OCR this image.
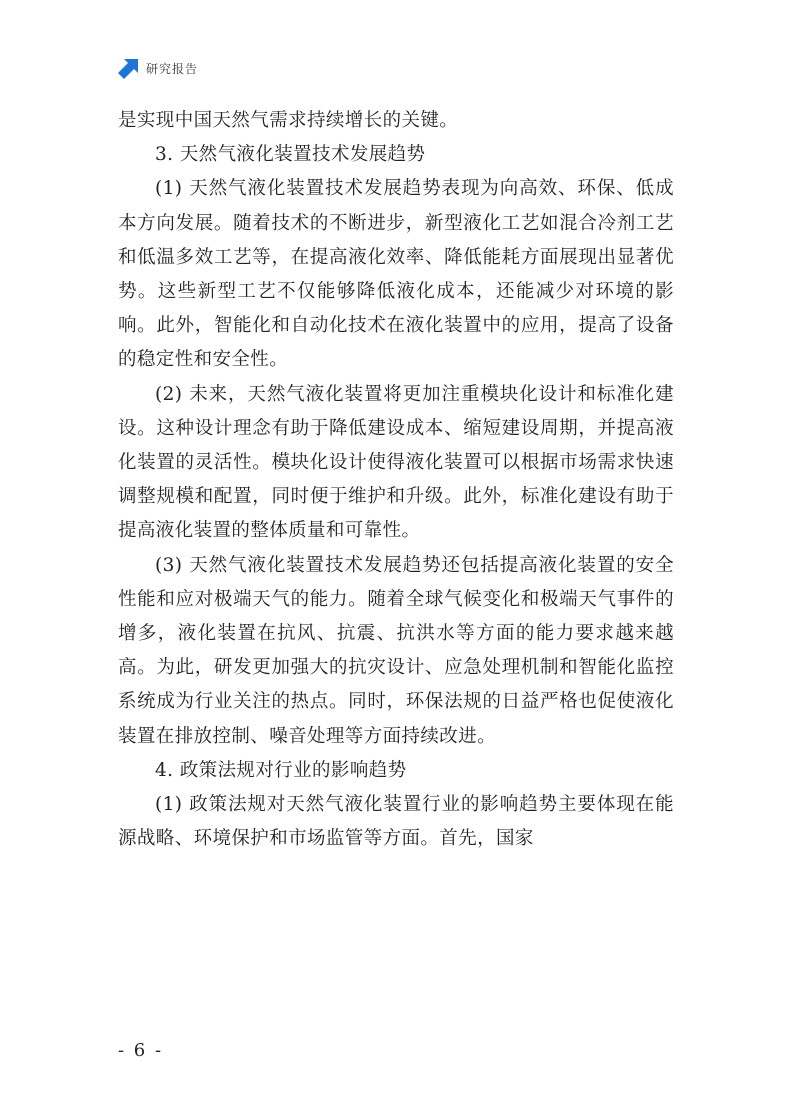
研究报告

是实现中国天然气需求持续增长的关键。

3. 天然气液化装置技术发展趋势

(1) 天然气液化装置技术发展趋势表现为向高效、环保、低成本方向发展。随着技术的不断进步，新型液化工艺如混合冷剂工艺和低温多效工艺等，在提高液化效率、降低能耗方面展现出显著优势。这些新型工艺不仅能够降低液化成本，还能减少对环境的影响。此外，智能化和自动化技术在液化装置中的应用，提高了设备的稳定性和安全性。

(2) 未来，天然气液化装置将更加注重模块化设计和标准化建设。这种设计理念有助于降低建设成本、缩短建设周期，并提高液化装置的灵活性。模块化设计使得液化装置可以根据市场需求快速调整规模和配置，同时便于维护和升级。此外，标准化建设有助于提高液化装置的整体质量和可靠性。

(3) 天然气液化装置技术发展趋势还包括提高液化装置的安全性能和应对极端天气的能力。随着全球气候变化和极端天气事件的增多，液化装置在抗风、抗震、抗洪水等方面的能力要求越来越高。为此，研发更加强大的抗灾设计、应急处理机制和智能化监控系统成为行业关注的热点。同时，环保法规的日益严格也促使液化装置在排放控制、噪音处理等方面持续改进。

4. 政策法规对行业的影响趋势

(1) 政策法规对天然气液化装置行业的影响趋势主要体现在能源战略、环境保护和市场监管等方面。首先，国家

- 6 -
